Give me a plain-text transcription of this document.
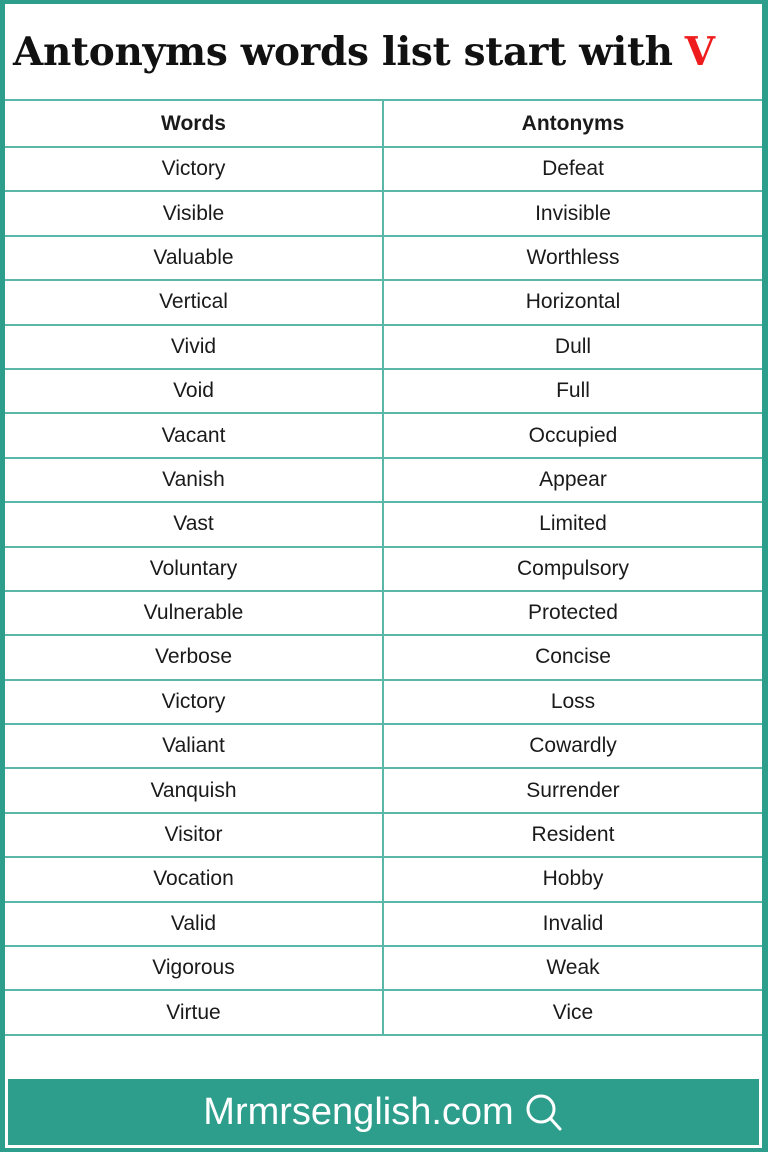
Antonyms words list start with V
Words	Antonyms
Victory	Defeat
Visible	Invisible
Valuable	Worthless
Vertical	Horizontal
Vivid	Dull
Void	Full
Vacant	Occupied
Vanish	Appear
Vast	Limited
Voluntary	Compulsory
Vulnerable	Protected
Verbose	Concise
Victory	Loss
Valiant	Cowardly
Vanquish	Surrender
Visitor	Resident
Vocation	Hobby
Valid	Invalid
Vigorous	Weak
Virtue	Vice
Mrmrsenglish.com
